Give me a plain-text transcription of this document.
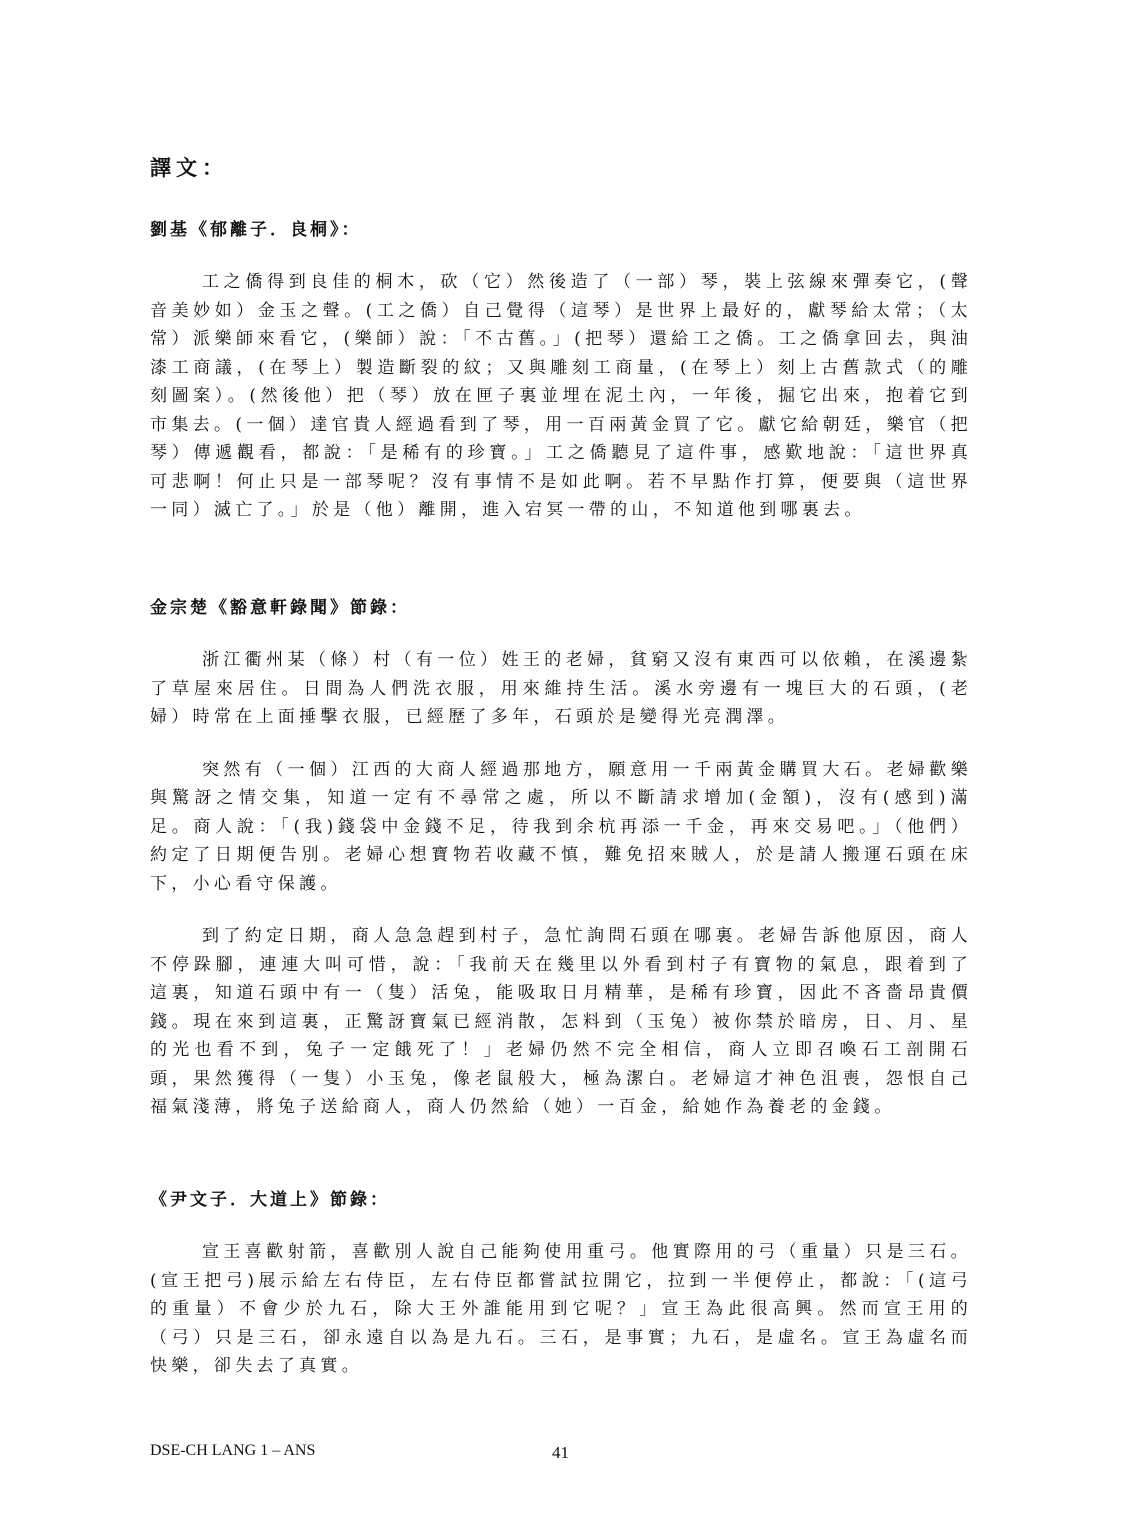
譯文：
劉基《郁離子．良桐》：

工之僑得到良佳的桐木，砍（它）然後造了（一部）琴，裝上弦線來彈奏它，(聲音美妙如）金玉之聲。(工之僑）自己覺得（這琴）是世界上最好的，獻琴給太常；（太常）派樂師來看它，(樂師）說：「不古舊。」(把琴）還給工之僑。工之僑拿回去，與油漆工商議，(在琴上）製造斷裂的紋；又與雕刻工商量，(在琴上）刻上古舊款式（的雕刻圖案）。(然後他）把（琴）放在匣子裏並埋在泥土內，一年後，掘它出來，抱着它到市集去。(一個）達官貴人經過看到了琴，用一百兩黃金買了它。獻它給朝廷，樂官（把琴）傳遞觀看，都說：「是稀有的珍寶。」工之僑聽見了這件事，感歎地說：「這世界真可悲啊！何止只是一部琴呢？沒有事情不是如此啊。若不早點作打算，便要與（這世界一同）滅亡了。」於是（他）離開，進入宕冥一帶的山，不知道他到哪裏去。

金宗楚《豁意軒錄聞》節錄：

浙江衢州某（條）村（有一位）姓王的老婦，貧窮又沒有東西可以依賴，在溪邊紮了草屋來居住。日間為人們洗衣服，用來維持生活。溪水旁邊有一塊巨大的石頭，(老婦）時常在上面捶擊衣服，已經歷了多年，石頭於是變得光亮潤澤。

突然有（一個）江西的大商人經過那地方，願意用一千兩黃金購買大石。老婦歡樂與驚訝之情交集，知道一定有不尋常之處，所以不斷請求增加(金額)，沒有(感到)滿足。商人說：「(我)錢袋中金錢不足，待我到余杭再添一千金，再來交易吧。」（他們）約定了日期便告別。老婦心想寶物若收藏不慎，難免招來賊人，於是請人搬運石頭在床下，小心看守保護。

到了約定日期，商人急急趕到村子，急忙詢問石頭在哪裏。老婦告訴他原因，商人不停跺腳，連連大叫可惜，說：「我前天在幾里以外看到村子有寶物的氣息，跟着到了這裏，知道石頭中有一（隻）活兔，能吸取日月精華，是稀有珍寶，因此不吝嗇昂貴價錢。現在來到這裏，正驚訝寶氣已經消散，怎料到（玉兔）被你禁於暗房，日、月、星的光也看不到，兔子一定餓死了！」老婦仍然不完全相信，商人立即召喚石工剖開石頭，果然獲得（一隻）小玉兔，像老鼠般大，極為潔白。老婦這才神色沮喪，怨恨自己福氣淺薄，將兔子送給商人，商人仍然給（她）一百金，給她作為養老的金錢。

《尹文子．大道上》節錄：

宣王喜歡射箭，喜歡別人說自己能夠使用重弓。他實際用的弓（重量）只是三石。(宣王把弓)展示給左右侍臣，左右侍臣都嘗試拉開它，拉到一半便停止，都說：「(這弓的重量）不會少於九石，除大王外誰能用到它呢？」宣王為此很高興。然而宣王用的（弓）只是三石，卻永遠自以為是九石。三石，是事實；九石，是虛名。宣王為虛名而快樂，卻失去了真實。

DSE-CH LANG 1 – ANS	41
